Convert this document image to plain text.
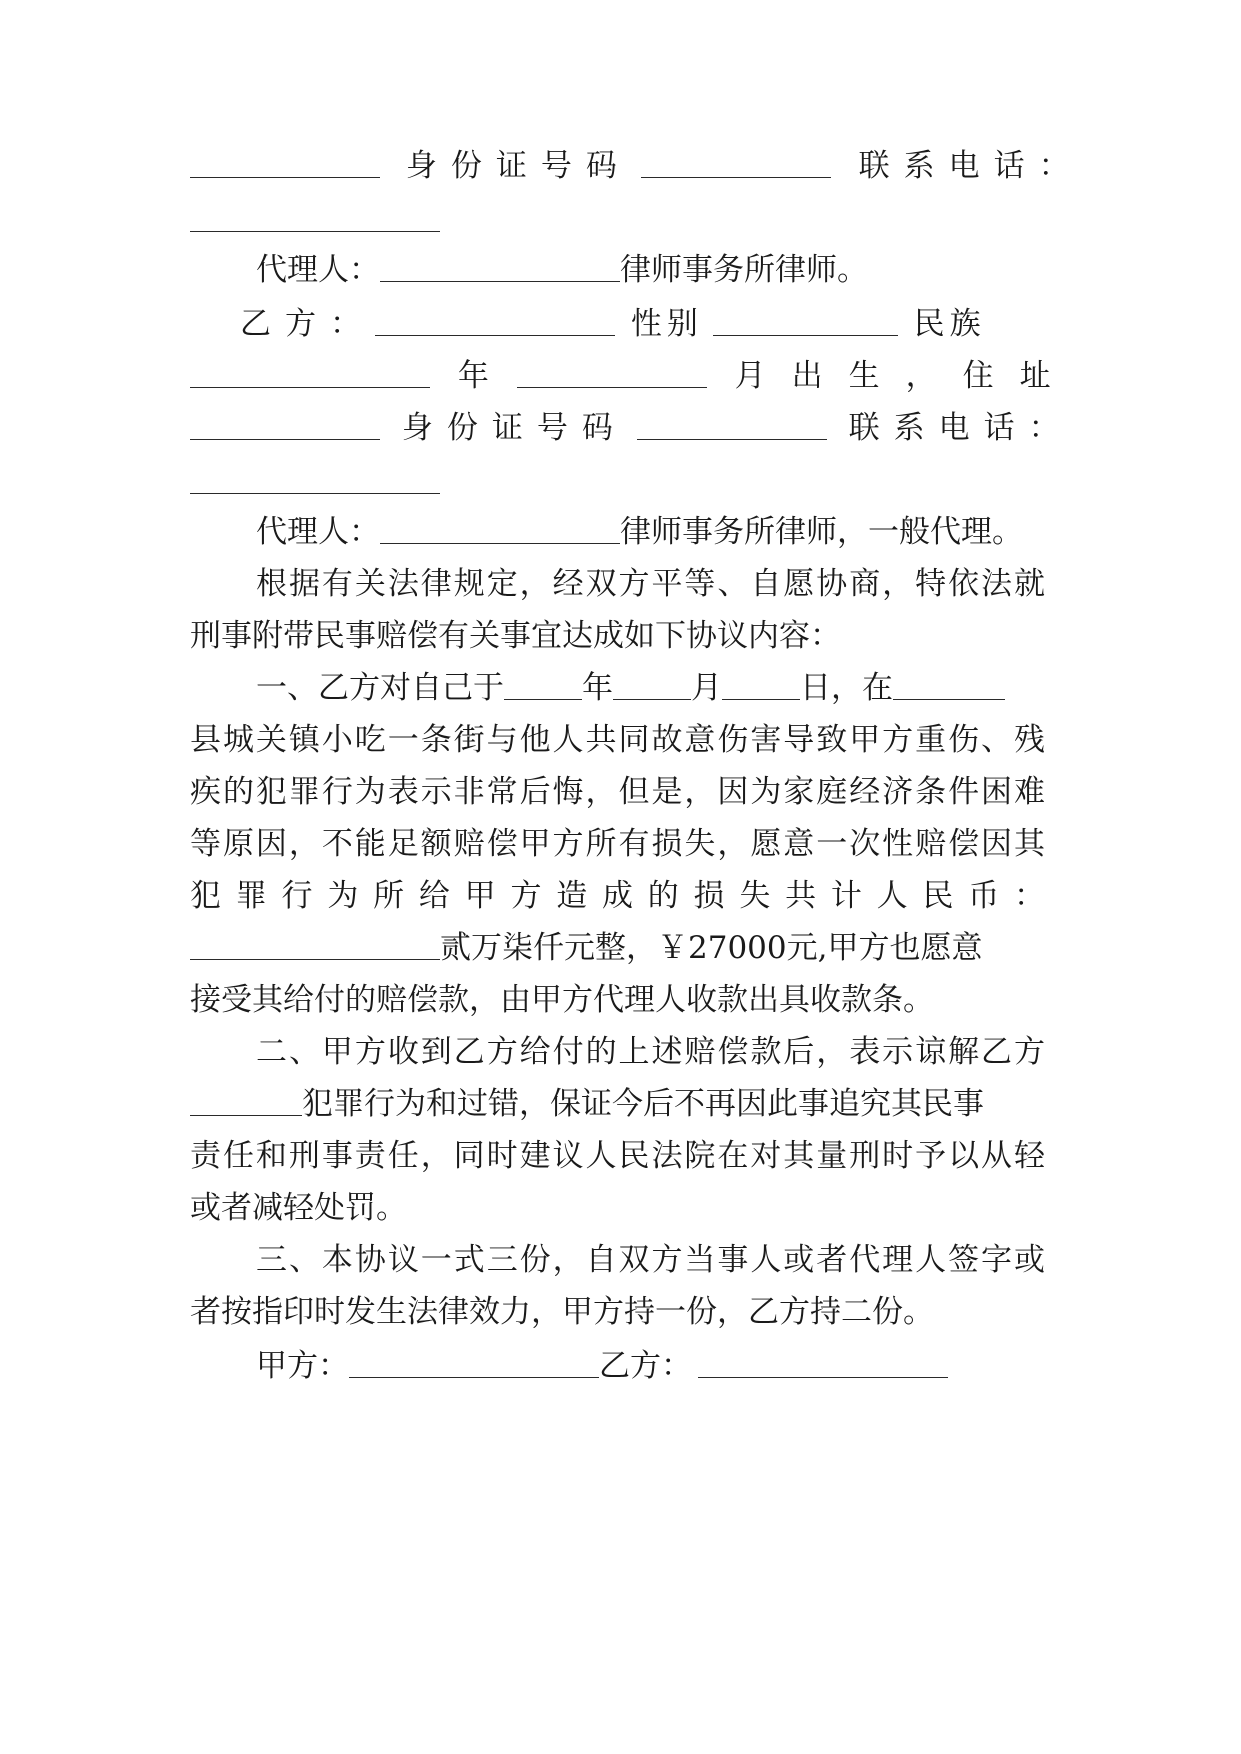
身份证号码	联系电话：
代理人：	律师事务所律师。
乙方：	性别	民族
年	月出生，住址
身份证号码	联系电话：
代理人：	律师事务所律师，一般代理。
根据有关法律规定，经双方平等、自愿协商，特依法就
刑事附带民事赔偿有关事宜达成如下协议内容：
一、乙方对自己于	年	月	日，在
县城关镇小吃一条街与他人共同故意伤害导致甲方重伤、残
疾的犯罪行为表示非常后悔，但是，因为家庭经济条件困难
等原因，不能足额赔偿甲方所有损失，愿意一次性赔偿因其
犯罪行为所给甲方造成的损失共计人民币：
贰万柒仟元整，￥27000元,甲方也愿意
接受其给付的赔偿款，由甲方代理人收款出具收款条。
二、甲方收到乙方给付的上述赔偿款后，表示谅解乙方
犯罪行为和过错，保证今后不再因此事追究其民事
责任和刑事责任，同时建议人民法院在对其量刑时予以从轻
或者减轻处罚。
三、本协议一式三份，自双方当事人或者代理人签字或
者按指印时发生法律效力，甲方持一份，乙方持二份。
甲方：	乙方：
